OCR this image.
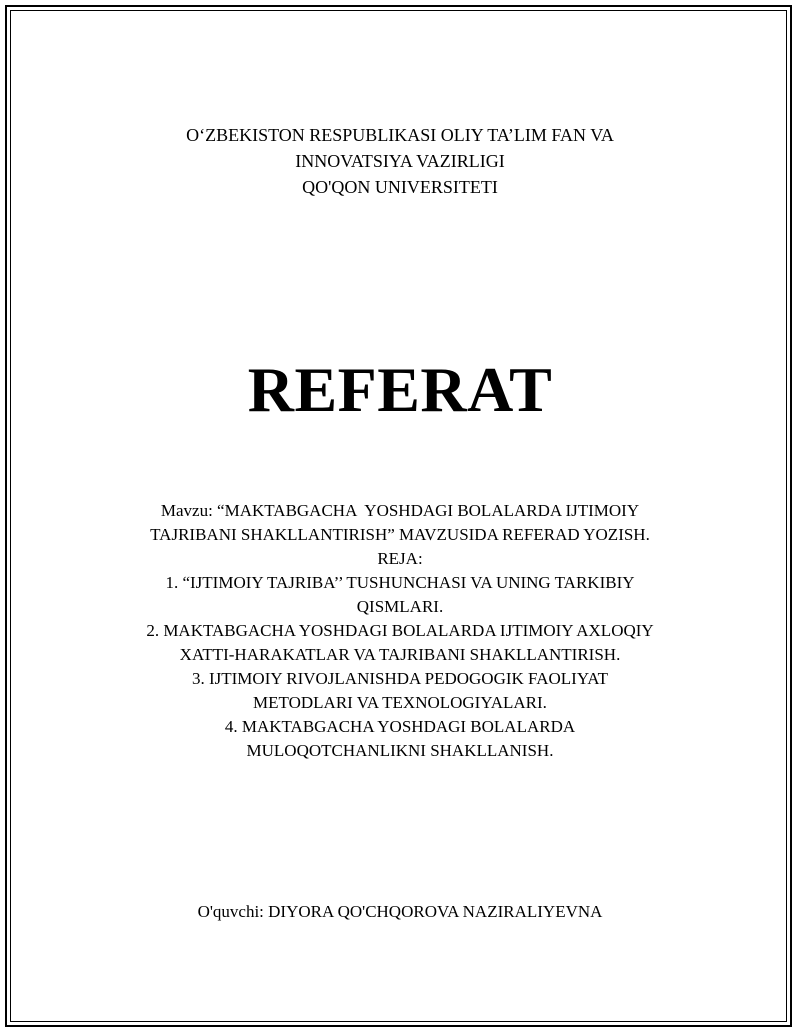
O‘ZBEKISTON RESPUBLIKASI OLIY TA’LIM FAN VA
INNOVATSIYA VAZIRLIGI
QO'QON UNIVERSITETI
REFERAT
Mavzu: “MAKTABGACHA  YOSHDAGI BOLALARDA IJTIMOIY
TAJRIBANI SHAKLLANTIRISH” MAVZUSIDA REFERAD YOZISH.
REJA:
1. “IJTIMOIY TAJRIBA’’ TUSHUNCHASI VA UNING TARKIBIY
QISMLARI.
2. MAKTABGACHA YOSHDAGI BOLALARDA IJTIMOIY AXLOQIY
XATTI-HARAKATLAR VA TAJRIBANI SHAKLLANTIRISH.
3. IJTIMOIY RIVOJLANISHDA PEDOGOGIK FAOLIYAT
METODLARI VA TEXNOLOGIYALARI.
4. MAKTABGACHA YOSHDAGI BOLALARDA
MULOQOTCHANLIKNI SHAKLLANISH.
O'quvchi: DIYORA QO'CHQOROVA NAZIRALIYEVNA
